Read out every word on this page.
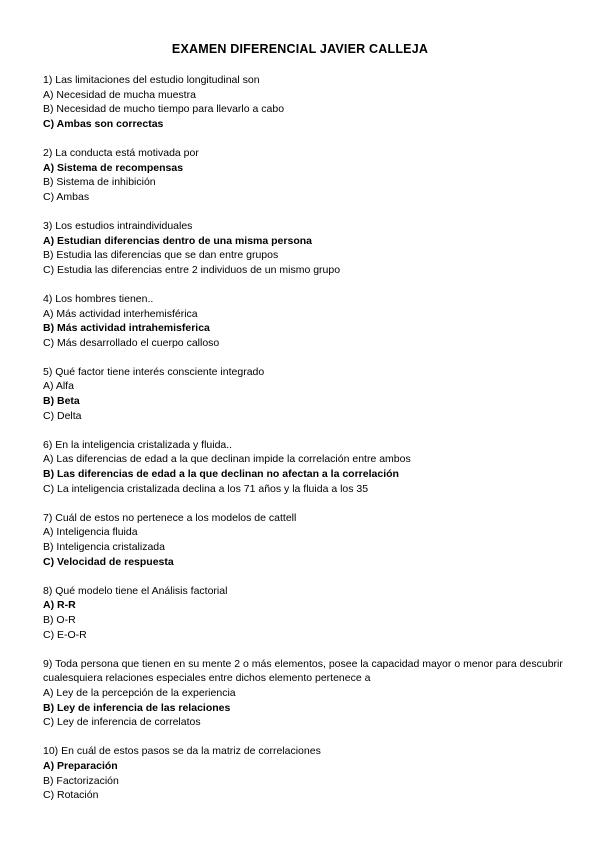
EXAMEN DIFERENCIAL JAVIER CALLEJA
1) Las limitaciones del estudio longitudinal son
A) Necesidad de mucha muestra
B) Necesidad de mucho tiempo para llevarlo a cabo
C) Ambas son correctas
2) La conducta está motivada por
A) Sistema de recompensas
B) Sistema de inhibición
C) Ambas
3) Los estudios intraindividuales
A) Estudian diferencias dentro de una misma persona
B) Estudia las diferencias que se dan entre grupos
C) Estudia las diferencias entre 2 individuos de un mismo grupo
4) Los hombres tienen..
A) Más actividad interhemisférica
B) Más actividad intrahemisferica
C) Más desarrollado el cuerpo calloso
5) Qué factor tiene interés consciente integrado
A) Alfa
B) Beta
C) Delta
6) En la inteligencia cristalizada y fluida..
A) Las diferencias de edad a la que declinan impide la correlación entre ambos
B) Las diferencias de edad a la que declinan no afectan a la correlación
C) La inteligencia cristalizada declina a los 71 años y la fluida a los 35
7) Cuál de estos no pertenece a los modelos de cattell
A) Inteligencia fluida
B) Inteligencia cristalizada
C) Velocidad de respuesta
8) Qué modelo tiene el Análisis factorial
A) R-R
B) O-R
C) E-O-R
9) Toda persona que tienen en su mente 2 o más elementos, posee la capacidad mayor o menor para descubrir cualesquiera relaciones especiales entre dichos elemento pertenece a
A) Ley de la percepción de la experiencia
B) Ley de inferencia de las relaciones
C) Ley de inferencia de correlatos
10) En cuál de estos pasos se da la matriz de correlaciones
A) Preparación
B) Factorización
C) Rotación
